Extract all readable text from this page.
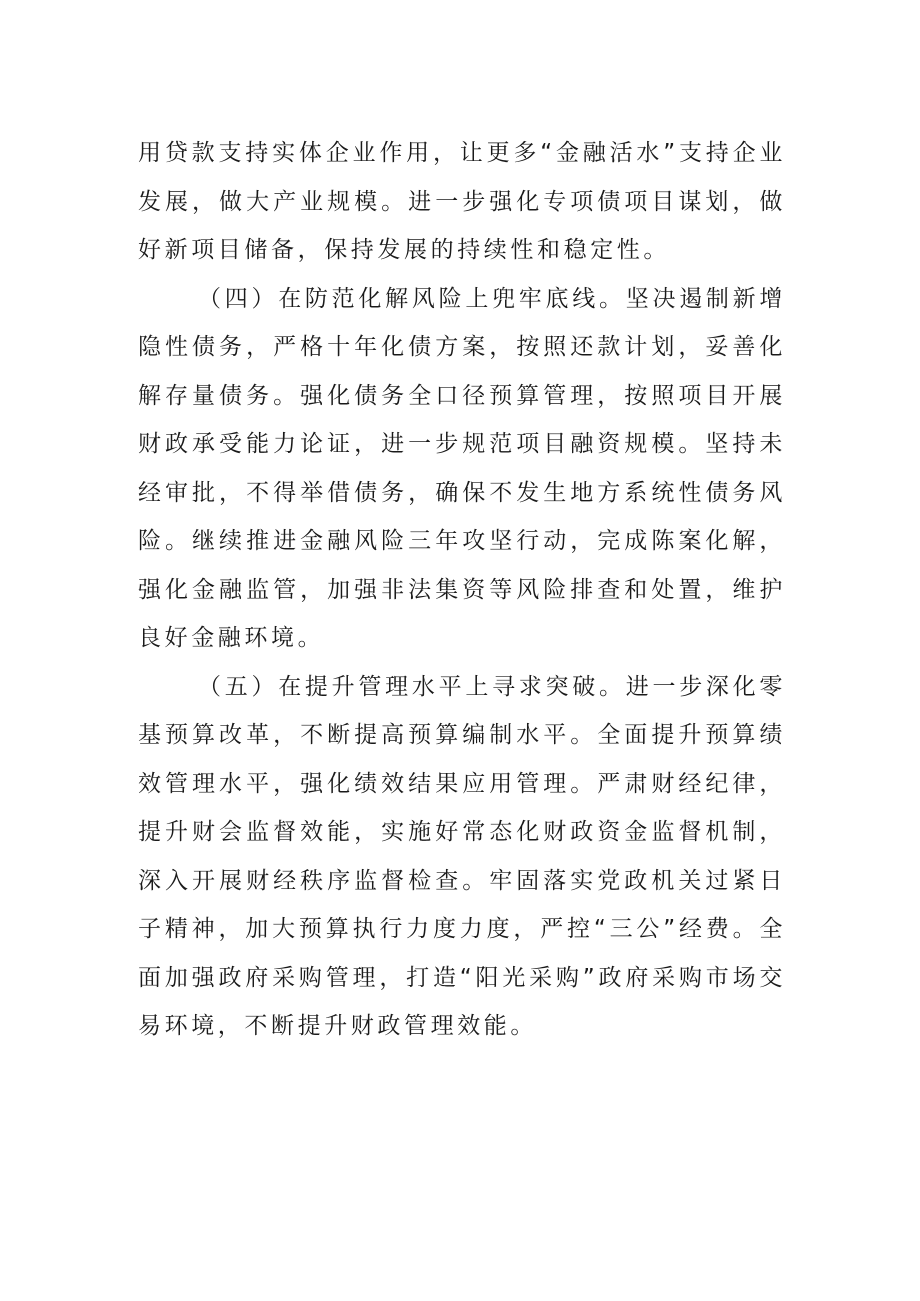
用贷款支持实体企业作用，让更多“金融活水”支持企业发展，做大产业规模。进一步强化专项债项目谋划，做好新项目储备，保持发展的持续性和稳定性。

（四）在防范化解风险上兜牢底线。坚决遏制新增隐性债务，严格十年化债方案，按照还款计划，妥善化解存量债务。强化债务全口径预算管理，按照项目开展财政承受能力论证，进一步规范项目融资规模。坚持未经审批，不得举借债务，确保不发生地方系统性债务风险。继续推进金融风险三年攻坚行动，完成陈案化解，强化金融监管，加强非法集资等风险排查和处置，维护良好金融环境。

（五）在提升管理水平上寻求突破。进一步深化零基预算改革，不断提高预算编制水平。全面提升预算绩效管理水平，强化绩效结果应用管理。严肃财经纪律，提升财会监督效能，实施好常态化财政资金监督机制，深入开展财经秩序监督检查。牢固落实党政机关过紧日子精神，加大预算执行力度力度，严控“三公”经费。全面加强政府采购管理，打造“阳光采购”政府采购市场交易环境，不断提升财政管理效能。
